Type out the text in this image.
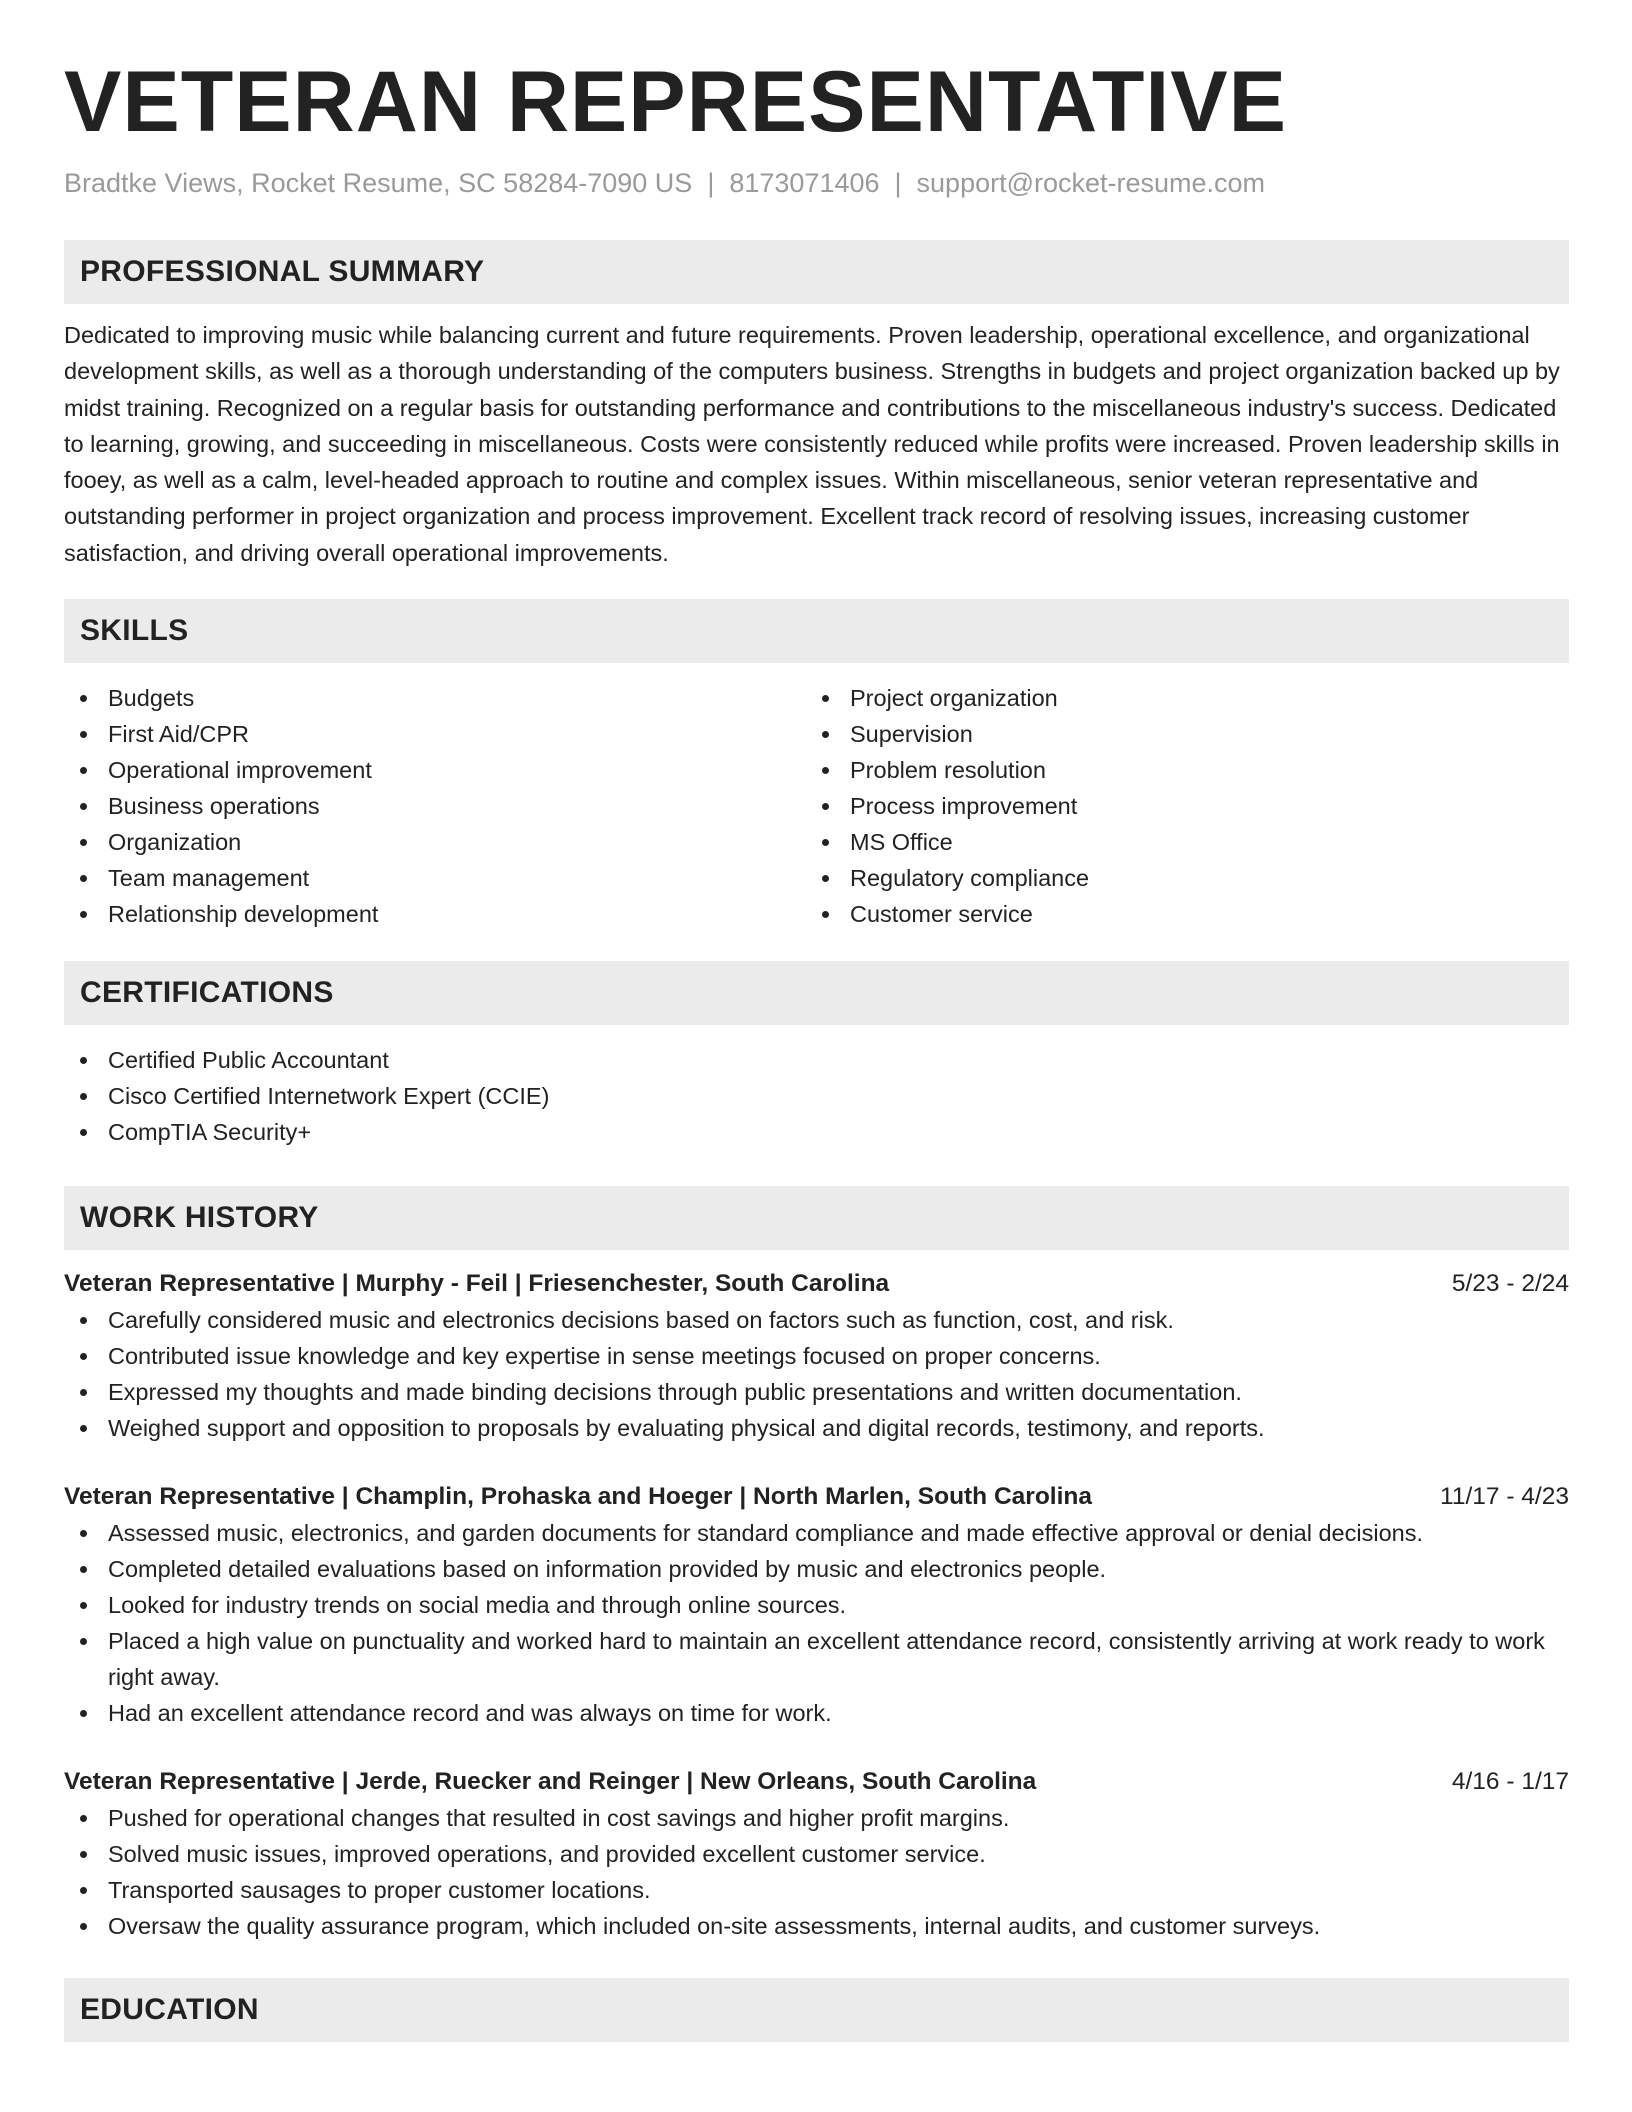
VETERAN REPRESENTATIVE
Bradtke Views, Rocket Resume, SC 58284-7090 US | 8173071406 | support@rocket-resume.com
PROFESSIONAL SUMMARY
Dedicated to improving music while balancing current and future requirements. Proven leadership, operational excellence, and organizational development skills, as well as a thorough understanding of the computers business. Strengths in budgets and project organization backed up by midst training. Recognized on a regular basis for outstanding performance and contributions to the miscellaneous industry's success. Dedicated to learning, growing, and succeeding in miscellaneous. Costs were consistently reduced while profits were increased. Proven leadership skills in fooey, as well as a calm, level-headed approach to routine and complex issues. Within miscellaneous, senior veteran representative and outstanding performer in project organization and process improvement. Excellent track record of resolving issues, increasing customer satisfaction, and driving overall operational improvements.
SKILLS
Budgets
First Aid/CPR
Operational improvement
Business operations
Organization
Team management
Relationship development
Project organization
Supervision
Problem resolution
Process improvement
MS Office
Regulatory compliance
Customer service
CERTIFICATIONS
Certified Public Accountant
Cisco Certified Internetwork Expert (CCIE)
CompTIA Security+
WORK HISTORY
Veteran Representative | Murphy - Feil | Friesenchester, South Carolina	5/23 - 2/24
Carefully considered music and electronics decisions based on factors such as function, cost, and risk.
Contributed issue knowledge and key expertise in sense meetings focused on proper concerns.
Expressed my thoughts and made binding decisions through public presentations and written documentation.
Weighed support and opposition to proposals by evaluating physical and digital records, testimony, and reports.
Veteran Representative | Champlin, Prohaska and Hoeger | North Marlen, South Carolina	11/17 - 4/23
Assessed music, electronics, and garden documents for standard compliance and made effective approval or denial decisions.
Completed detailed evaluations based on information provided by music and electronics people.
Looked for industry trends on social media and through online sources.
Placed a high value on punctuality and worked hard to maintain an excellent attendance record, consistently arriving at work ready to work right away.
Had an excellent attendance record and was always on time for work.
Veteran Representative | Jerde, Ruecker and Reinger | New Orleans, South Carolina	4/16 - 1/17
Pushed for operational changes that resulted in cost savings and higher profit margins.
Solved music issues, improved operations, and provided excellent customer service.
Transported sausages to proper customer locations.
Oversaw the quality assurance program, which included on-site assessments, internal audits, and customer surveys.
EDUCATION
